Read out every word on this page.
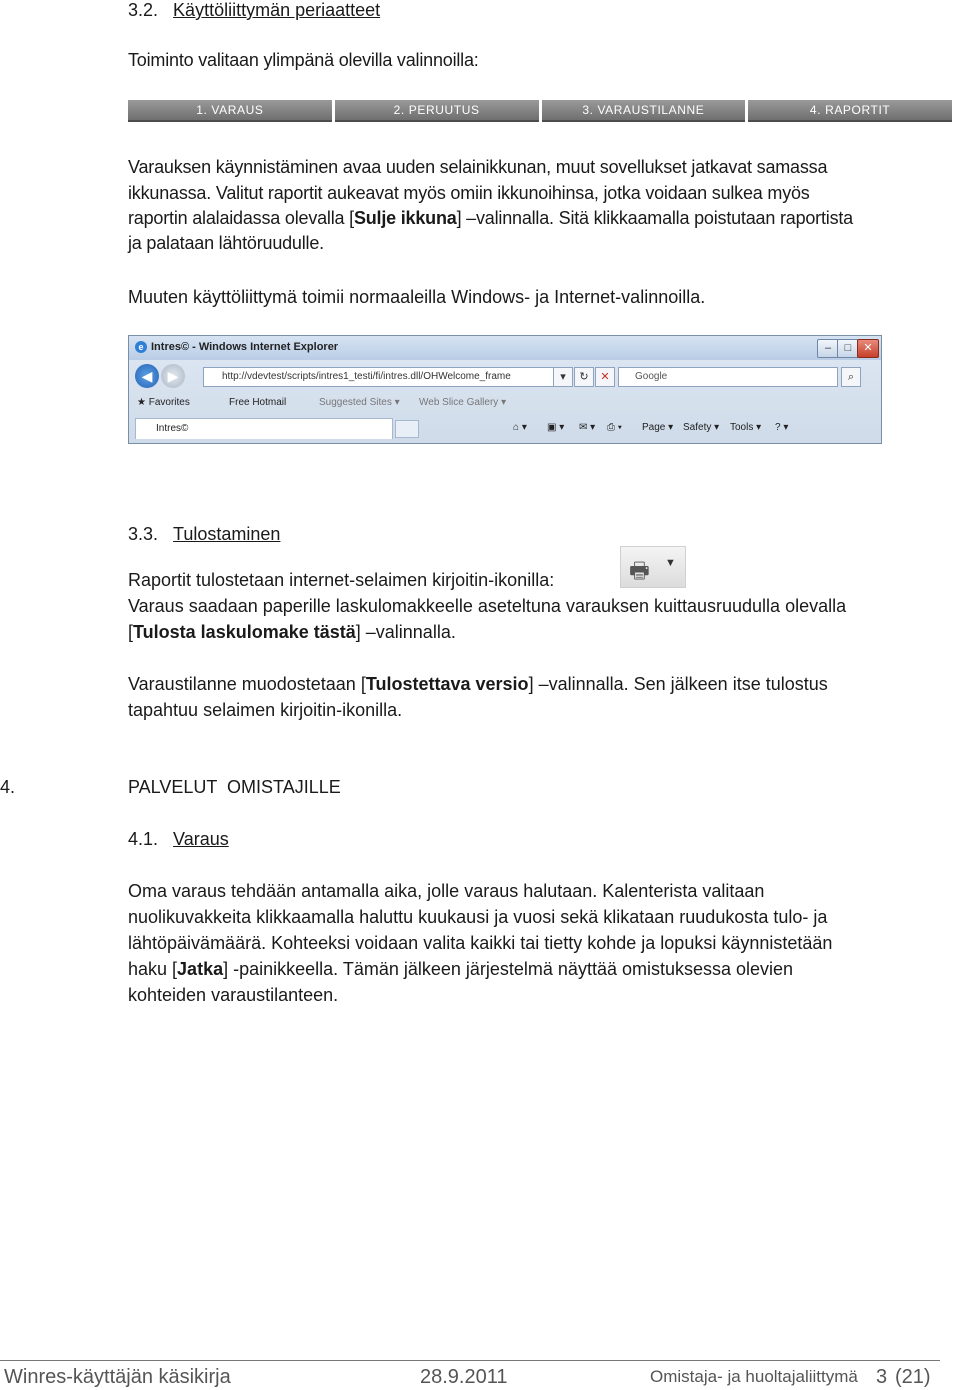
3.2. Käyttöliittymän periaatteet
Toiminto valitaan ylimpänä olevilla valinnoilla:
1. VARAUS	2. PERUUTUS	3. VARAUSTILANNE	4. RAPORTIT
Varauksen käynnistäminen avaa uuden selainikkunan, muut sovellukset jatkavat samassa
ikkunassa. Valitut raportit aukeavat myös omiin ikkunoihinsa, jotka voidaan sulkea myös
raportin alalaidassa olevalla [Sulje ikkuna] –valinnalla. Sitä klikkaamalla poistutaan raportista
ja palataan lähtöruudulle.
Muuten käyttöliittymä toimii normaaleilla Windows- ja Internet-valinnoilla.
e Intres© - Windows Internet Explorer	–	□	✕
◀	▶	http://vdevtest/scripts/intres1_testi/fi/intres.dll/OHWelcome_frame	▾	↻	✕	Google	⌕
★ Favorites	Free Hotmail	Suggested Sites ▾ Web Slice Gallery ▾
Intres©	⌂ ▾ ▣ ▾ ✉ ▾ ⎙ ▾ Page ▾ Safety ▾ Tools ▾ ? ▾
3.3. Tulostaminen
Raportit tulostetaan internet-selaimen kirjoitin-ikonilla:	🖶 ▼
Varaus saadaan paperille laskulomakkeelle aseteltuna varauksen kuittausruudulla olevalla
[Tulosta laskulomake tästä] –valinnalla.
Varaustilanne muodostetaan [Tulostettava versio] –valinnalla. Sen jälkeen itse tulostus
tapahtuu selaimen kirjoitin-ikonilla.
4.	PALVELUT  OMISTAJILLE
4.1. Varaus
Oma varaus tehdään antamalla aika, jolle varaus halutaan. Kalenterista valitaan
nuolikuvakkeita klikkaamalla haluttu kuukausi ja vuosi sekä klikataan ruudukosta tulo- ja
lähtöpäivämäärä. Kohteeksi voidaan valita kaikki tai tietty kohde ja lopuksi käynnistetään
haku [Jatka] -painikkeella. Tämän jälkeen järjestelmä näyttää omistuksessa olevien
kohteiden varaustilanteen.
Winres-käyttäjän käsikirja	28.9.2011	Omistaja- ja huoltajaliittymä 3 (21)
